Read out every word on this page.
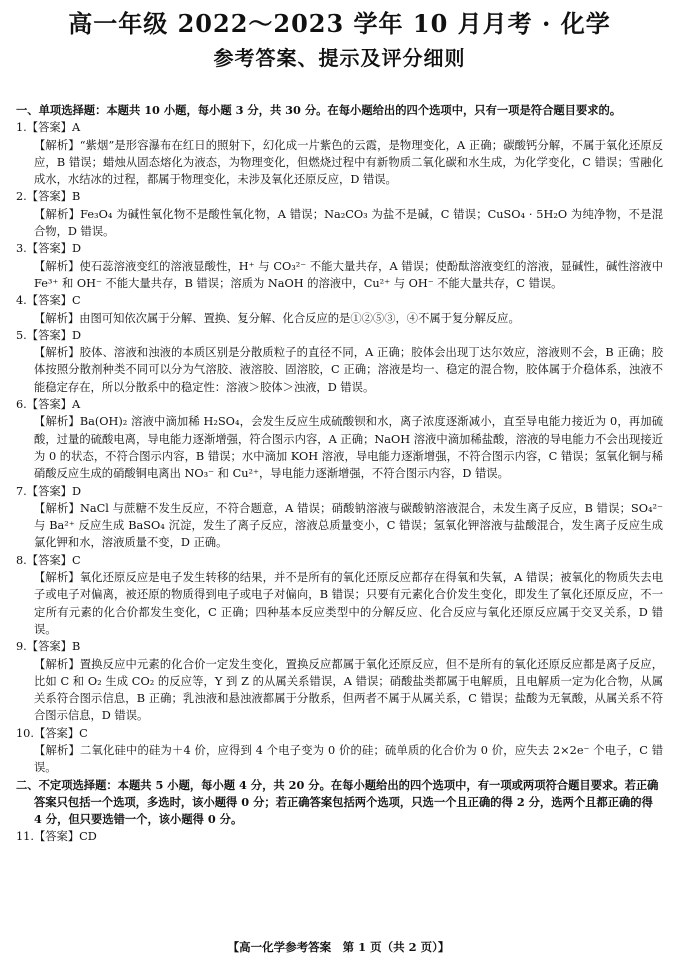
高一年级 2022～2023 学年 10 月月考 · 化学
参考答案、提示及评分细则
一、单项选择题：本题共 10 小题，每小题 3 分，共 30 分。在每小题给出的四个选项中，只有一项是符合题目要求的。
1.【答案】A
【解析】“紫烟”是形容瀑布在红日的照射下，幻化成一片紫色的云霞，是物理变化，A 正确；碳酸钙分解，不属于氧化还原反应，B 错误；蜡烛从固态熔化为液态，为物理变化，但燃烧过程中有新物质二氧化碳和水生成，为化学变化，C 错误；雪融化成水，水结冰的过程，都属于物理变化，未涉及氧化还原反应，D 错误。
2.【答案】B
【解析】Fe₃O₄ 为碱性氧化物不是酸性氧化物，A 错误；Na₂CO₃ 为盐不是碱，C 错误；CuSO₄ · 5H₂O 为纯净物，不是混合物，D 错误。
3.【答案】D
【解析】使石蕊溶液变红的溶液显酸性，H⁺ 与 CO₃²⁻ 不能大量共存，A 错误；使酚酞溶液变红的溶液，显碱性，碱性溶液中 Fe³⁺ 和 OH⁻ 不能大量共存，B 错误；溶质为 NaOH 的溶液中，Cu²⁺ 与 OH⁻ 不能大量共存，C 错误。
4.【答案】C
【解析】由图可知依次属于分解、置换、复分解、化合反应的是①②⑤③，④不属于复分解反应。
5.【答案】D
【解析】胶体、溶液和浊液的本质区别是分散质粒子的直径不同，A 正确；胶体会出现丁达尔效应，溶液则不会，B 正确；胶体按照分散剂种类不同可以分为气溶胶、液溶胶、固溶胶，C 正确；溶液是均一、稳定的混合物，胶体属于介稳体系，浊液不能稳定存在，所以分散系中的稳定性：溶液＞胶体＞浊液，D 错误。
6.【答案】A
【解析】Ba(OH)₂ 溶液中滴加稀 H₂SO₄，会发生反应生成硫酸钡和水，离子浓度逐渐减小，直至导电能力接近为 0，再加硫酸，过量的硫酸电离，导电能力逐渐增强，符合图示内容，A 正确；NaOH 溶液中滴加稀盐酸，溶液的导电能力不会出现接近为 0 的状态，不符合图示内容，B 错误；水中滴加 KOH 溶液，导电能力逐渐增强，不符合图示内容，C 错误；氢氧化铜与稀硝酸反应生成的硝酸铜电离出 NO₃⁻ 和 Cu²⁺，导电能力逐渐增强，不符合图示内容，D 错误。
7.【答案】D
【解析】NaCl 与蔗糖不发生反应，不符合题意，A 错误；硝酸钠溶液与碳酸钠溶液混合，未发生离子反应，B 错误；SO₄²⁻ 与 Ba²⁺ 反应生成 BaSO₄ 沉淀，发生了离子反应，溶液总质量变小，C 错误；氢氧化钾溶液与盐酸混合，发生离子反应生成氯化钾和水，溶液质量不变，D 正确。
8.【答案】C
【解析】氧化还原反应是电子发生转移的结果，并不是所有的氧化还原反应都存在得氧和失氧，A 错误；被氧化的物质失去电子或电子对偏离，被还原的物质得到电子或电子对偏向，B 错误；只要有元素化合价发生变化，即发生了氧化还原反应，不一定所有元素的化合价都发生变化，C 正确；四种基本反应类型中的分解反应、化合反应与氧化还原反应属于交叉关系，D 错误。
9.【答案】B
【解析】置换反应中元素的化合价一定发生变化，置换反应都属于氧化还原反应，但不是所有的氧化还原反应都是离子反应，比如 C 和 O₂ 生成 CO₂ 的反应等，Y 到 Z 的从属关系错误，A 错误；硝酸盐类都属于电解质，且电解质一定为化合物，从属关系符合图示信息，B 正确；乳浊液和悬浊液都属于分散系，但两者不属于从属关系，C 错误；盐酸为无氧酸，从属关系不符合图示信息，D 错误。
10.【答案】C
【解析】二氧化硅中的硅为＋4 价，应得到 4 个电子变为 0 价的硅；硫单质的化合价为 0 价，应失去 2×2e⁻ 个电子，C 错误。
二、不定项选择题：本题共 5 小题，每小题 4 分，共 20 分。在每小题给出的四个选项中，有一项或两项符合题目要求。若正确答案只包括一个选项，多选时，该小题得 0 分；若正确答案包括两个选项，只选一个且正确的得 2 分，选两个且都正确的得 4 分，但只要选错一个，该小题得 0 分。
11.【答案】CD
【高一化学参考答案　第 1 页（共 2 页）】
